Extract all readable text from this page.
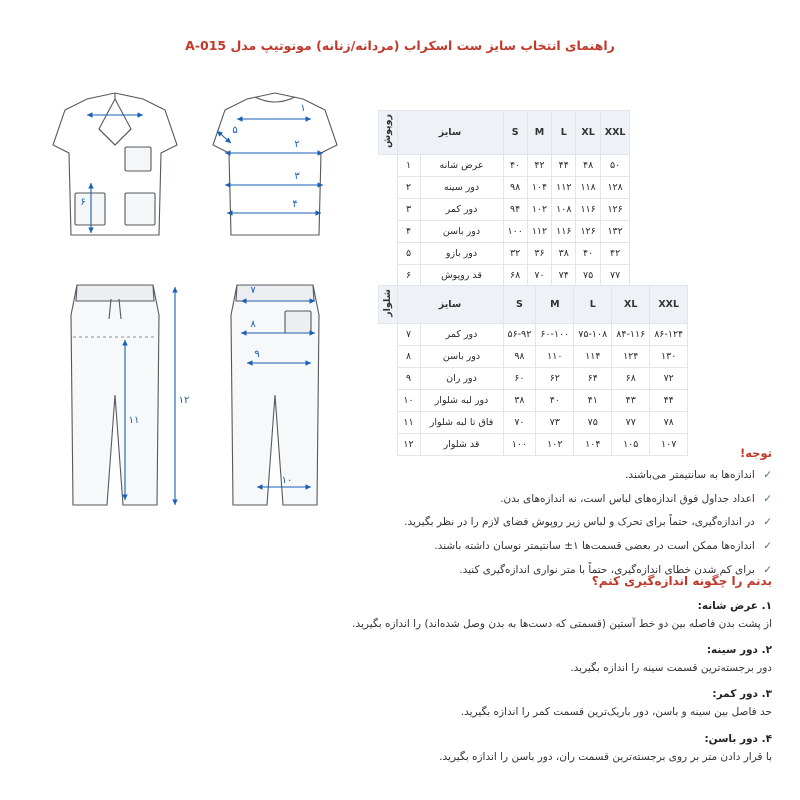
راهنمای انتخاب سایز ست اسکراب (مردانه/زنانه) مونوتیپ مدل A-015
۱
۲
۳
۴
۵
۶
۷
۸
۹
۱۰
۱۱
۱۲
XXL	XL	L	M	S	سایز		روپوش
۵۰	۴۸	۴۴	۴۲	۴۰	عرض شانه	۱	
۱۲۸	۱۱۸	۱۱۲	۱۰۴	۹۸	دور سینه	۲	
۱۲۶	۱۱۶	۱۰۸	۱۰۲	۹۴	دور کمر	۳	
۱۳۲	۱۲۶	۱۱۶	۱۱۲	۱۰۰	دور باسن	۴	
۴۲	۴۰	۳۸	۳۶	۳۲	دور بازو	۵	
۷۷	۷۵	۷۴	۷۰	۶۸	قد روپوش	۶	
XXL	XL	L	M	S	سایز		شلوار
۸۶-۱۲۴	۸۴-۱۱۶	۷۵-۱۰۸	۶۰-۱۰۰	۵۶-۹۲	دور کمر	۷	
۱۳۰	۱۲۴	۱۱۴	۱۱۰	۹۸	دور باسن	۸	
۷۲	۶۸	۶۴	۶۲	۶۰	دور ران	۹	
۴۴	۴۳	۴۱	۴۰	۳۸	دور لبه شلوار	۱۰	
۷۸	۷۷	۷۵	۷۳	۷۰	فاق تا لبه شلوار	۱۱	
۱۰۷	۱۰۵	۱۰۴	۱۰۲	۱۰۰	قد شلوار	۱۲	
توجه!
✓ اندازه‌ها به سانتیمتر می‌باشند.
✓ اعداد جداول فوق اندازه‌های لباس است، نه اندازه‌های بدن.
✓ در اندازه‌گیری، حتماً برای تحرک و لباس زیر روپوش فضای لازم را در نظر بگیرید.
✓ اندازه‌ها ممکن است در بعضی قسمت‌ها ۱± سانتیمتر نوسان داشته باشند.
✓ برای کم شدن خطای اندازه‌گیری، حتماً با متر نواری اندازه‌گیری کنید.
بدنم را چگونه اندازه‌گیری کنم؟
۱. عرض شانه:
از پشت بدن فاصله بین دو خط آستین (قسمتی که دست‌ها به بدن وصل شده‌اند) را اندازه بگیرید.
۲. دور سینه:
دور برجسته‌ترین قسمت سینه را اندازه بگیرید.
۳. دور کمر:
حد فاصل بین سینه و باسن، دور باریک‌ترین قسمت کمر را اندازه بگیرید.
۴. دور باسن:
با قرار دادن متر بر روی برجسته‌ترین قسمت ران، دور باسن را اندازه بگیرید.
